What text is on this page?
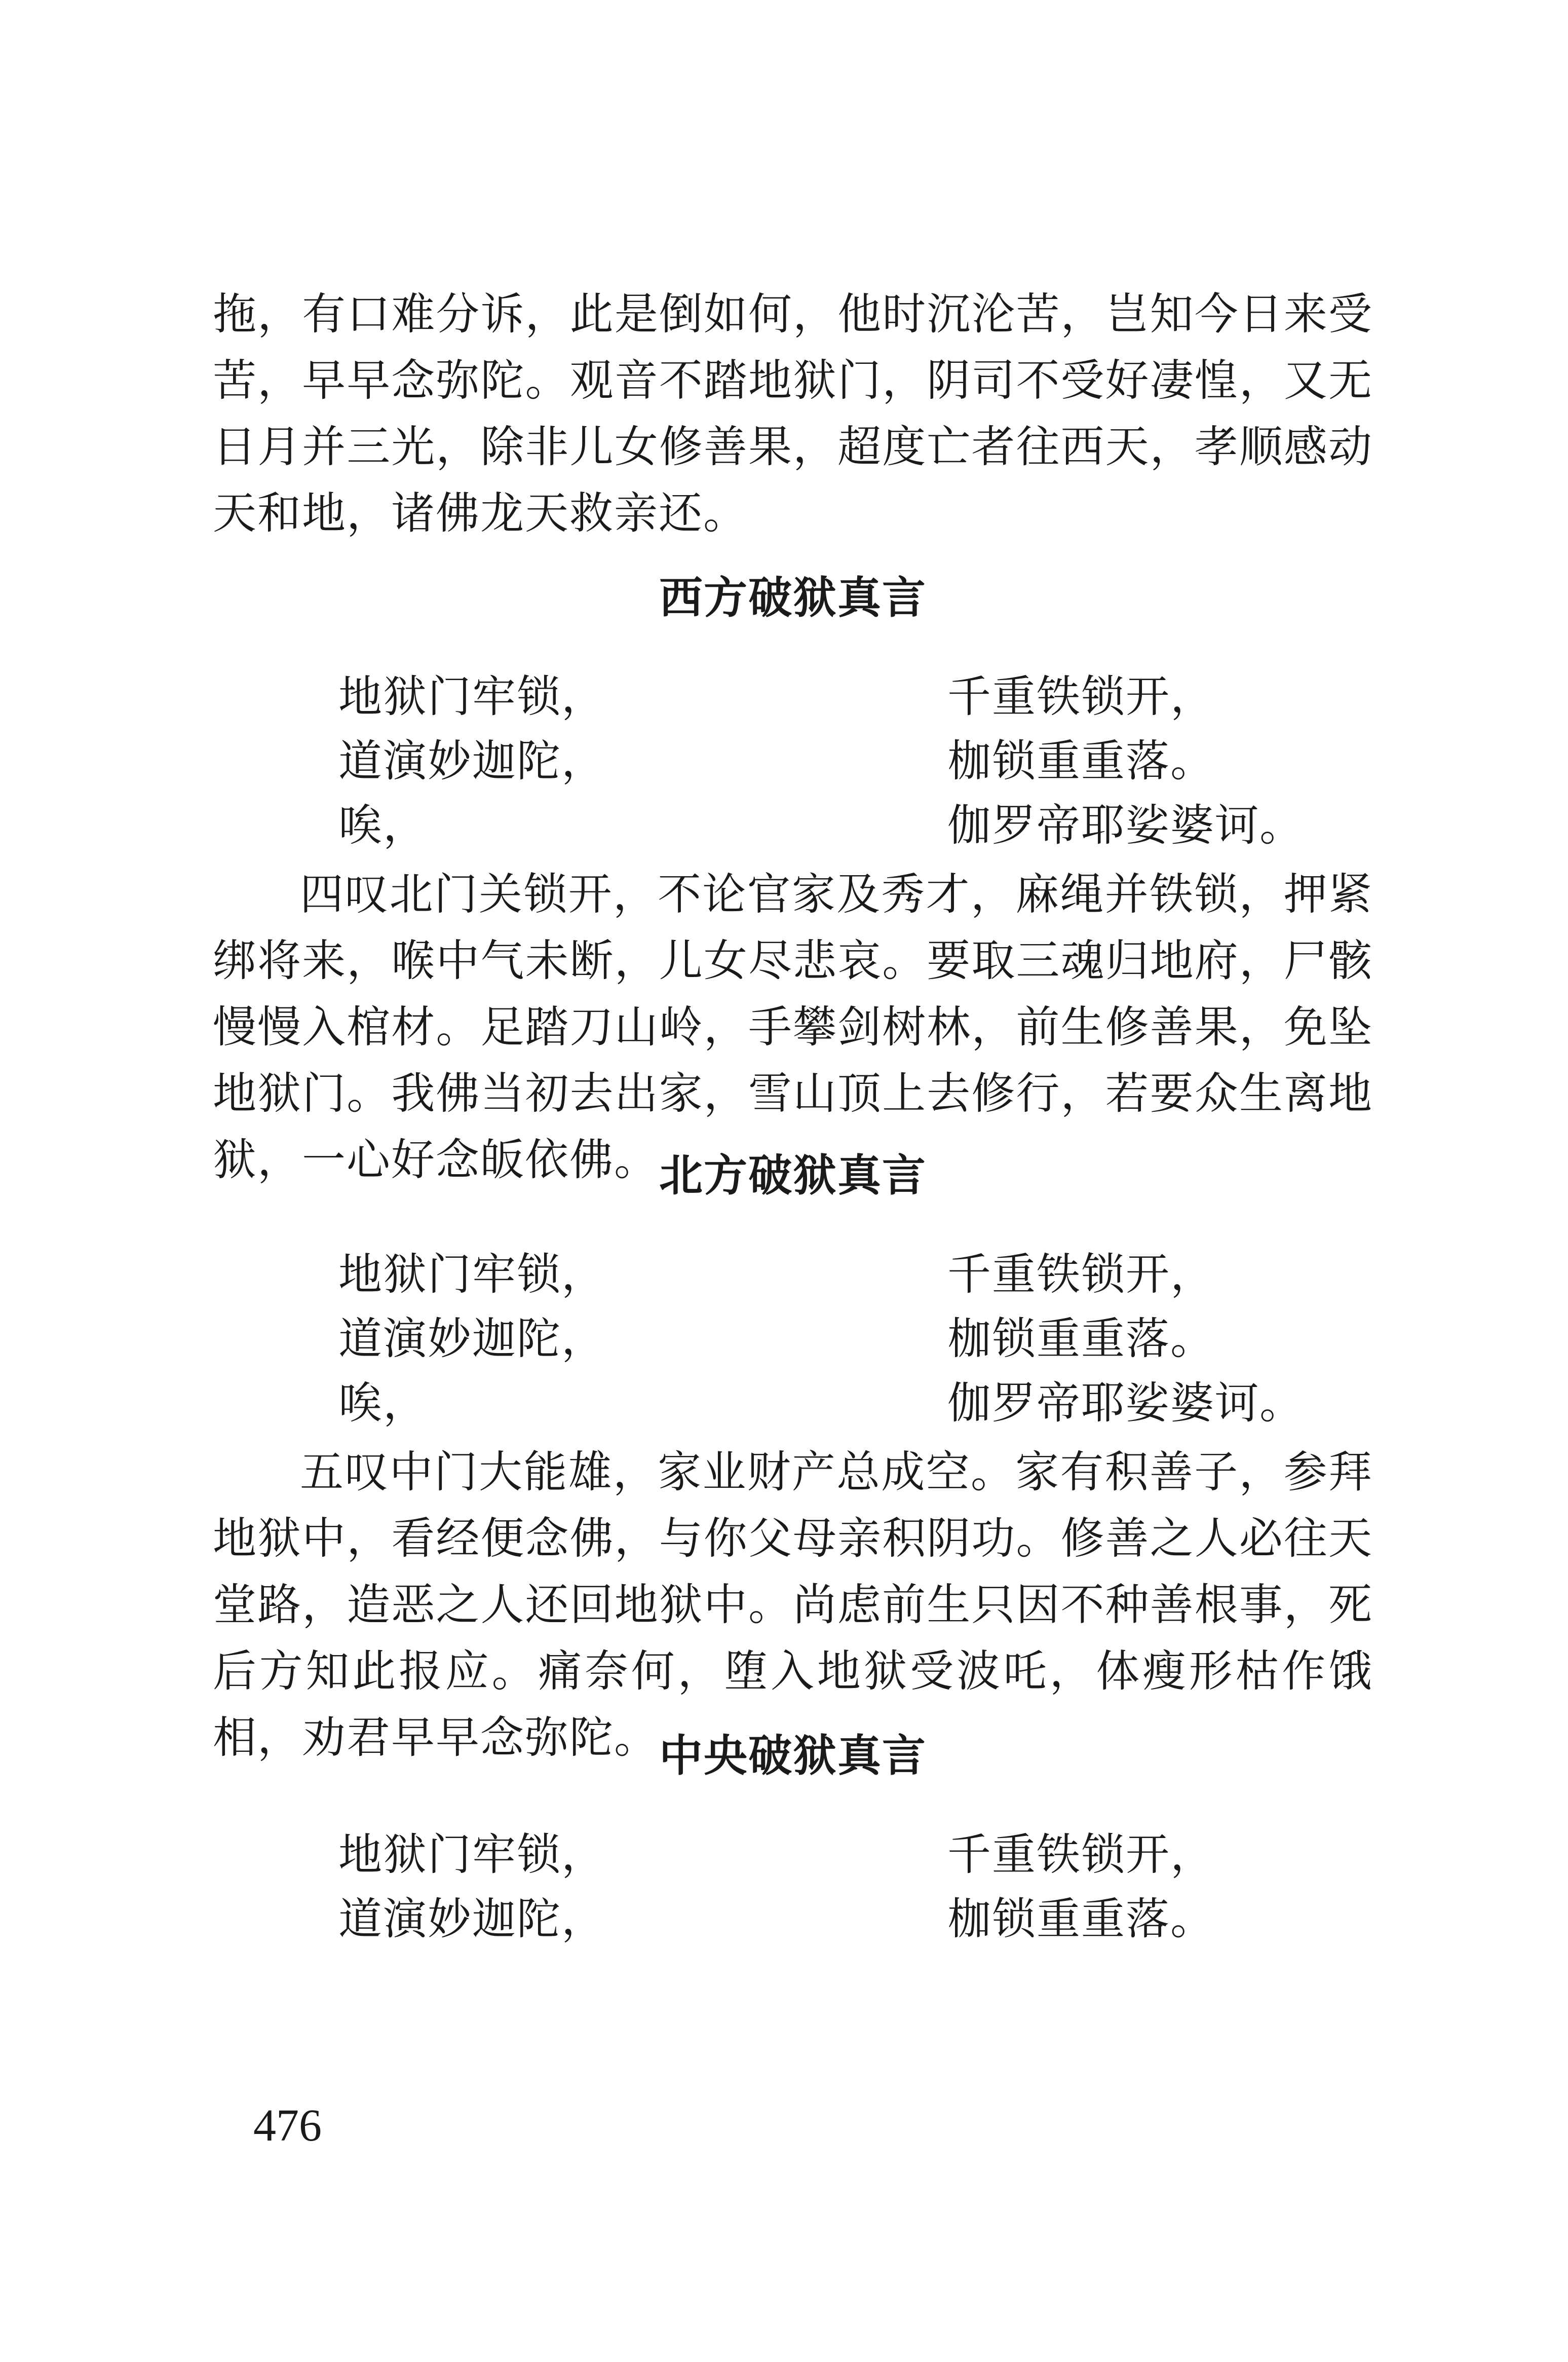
拖，有口难分诉，此是倒如何，他时沉沦苦，岂知今日来受苦，早早念弥陀。观音不踏地狱门，阴司不受好凄惶，又无日月并三光，除非儿女修善果，超度亡者往西天，孝顺感动天和地，诸佛龙天救亲还。

西方破狱真言
地狱门牢锁，	千重铁锁开，
道演妙迦陀，	枷锁重重落。
唉，	伽罗帝耶娑婆诃。

四叹北门关锁开，不论官家及秀才，麻绳并铁锁，押紧绑将来，喉中气未断，儿女尽悲哀。要取三魂归地府，尸骸慢慢入棺材。足踏刀山岭，手攀剑树林，前生修善果，免坠地狱门。我佛当初去出家，雪山顶上去修行，若要众生离地狱，一心好念皈依佛。 北方破狱真言
地狱门牢锁，	千重铁锁开，
道演妙迦陀，	枷锁重重落。
唉，	伽罗帝耶娑婆诃。

五叹中门大能雄，家业财产总成空。家有积善子，参拜地狱中，看经便念佛，与你父母亲积阴功。修善之人必往天堂路，造恶之人还回地狱中。尚虑前生只因不种善根事，死后方知此报应。痛奈何，堕入地狱受波吒，体瘦形枯作饿相，劝君早早念弥陀。 中央破狱真言
地狱门牢锁，	千重铁锁开，
道演妙迦陀，	枷锁重重落。
476
